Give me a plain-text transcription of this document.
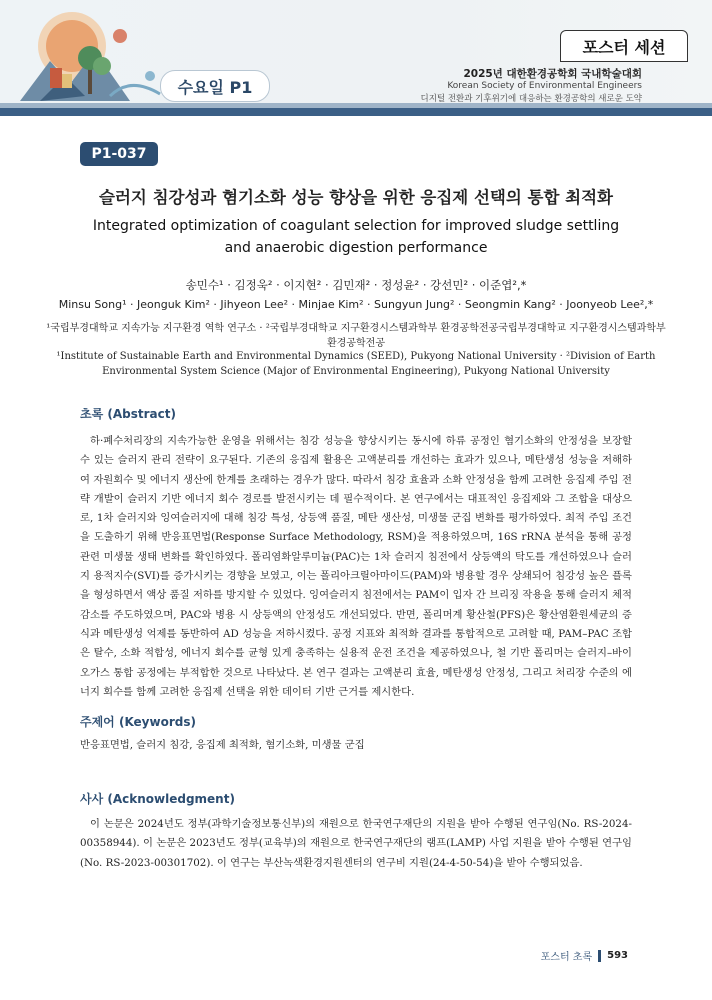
수요일 P1
포스터 세션
2025년 대한환경공학회 국내학술대회
Korean Society of Environmental Engineers
디지털 전환과 기후위기에 대응하는 환경공학의 새로운 도약
P1-037
슬러지 침강성과 혐기소화 성능 향상을 위한 응집제 선택의 통합 최적화
Integrated optimization of coagulant selection for improved sludge settling and anaerobic digestion performance
송민수¹ · 김정욱² · 이지현² · 김민재² · 정성윤² · 강선민² · 이준엽²,*
Minsu Song¹ · Jeonguk Kim² · Jihyeon Lee² · Minjae Kim² · Sungyun Jung² · Seongmin Kang² · Joonyeob Lee²,*
¹국립부경대학교 지속가능 지구환경 역학 연구소 · ²국립부경대학교 지구환경시스템과학부 환경공학전공국립부경대학교 지구환경시스템과학부 환경공학전공
¹Institute of Sustainable Earth and Environmental Dynamics (SEED), Pukyong National University · ²Division of Earth Environmental System Science (Major of Environmental Engineering), Pukyong National University
초록 (Abstract)

하·폐수처리장의 지속가능한 운영을 위해서는 침강 성능을 향상시키는 동시에 하류 공정인 혐기소화의 안정성을 보장할 수 있는 슬러지 관리 전략이 요구된다. 기존의 응집제 활용은 고액분리를 개선하는 효과가 있으나, 메탄생성 성능을 저해하여 자원회수 및 에너지 생산에 한계를 초래하는 경우가 많다. 따라서 침강 효율과 소화 안정성을 함께 고려한 응집제 주입 전략 개발이 슬러지 기반 에너지 회수 경로를 발전시키는 데 필수적이다. 본 연구에서는 대표적인 응집제와 그 조합을 대상으로, 1차 슬러지와 잉여슬러지에 대해 침강 특성, 상등액 품질, 메탄 생산성, 미생물 군집 변화를 평가하였다. 최적 주입 조건을 도출하기 위해 반응표면법(Response Surface Methodology, RSM)을 적용하였으며, 16S rRNA 분석을 통해 공정 관련 미생물 생태 변화를 확인하였다. 폴리염화알루미늄(PAC)는 1차 슬러지 침전에서 상등액의 탁도를 개선하였으나 슬러지 용적지수(SVI)를 증가시키는 경향을 보였고, 이는 폴리아크릴아마이드(PAM)와 병용할 경우 상쇄되어 침강성 높은 플록을 형성하면서 액상 품질 저하를 방지할 수 있었다. 잉여슬러지 침전에서는 PAM이 입자 간 브리징 작용을 통해 슬러지 체적 감소를 주도하였으며, PAC와 병용 시 상등액의 안정성도 개선되었다. 반면, 폴리머계 황산철(PFS)은 황산염환원세균의 증식과 메탄생성 억제를 동반하여 AD 성능을 저하시켰다. 공정 지표와 최적화 결과를 통합적으로 고려할 때, PAM–PAC 조합은 탈수, 소화 적합성, 에너지 회수를 균형 있게 충족하는 실용적 운전 조건을 제공하였으나, 철 기반 폴리머는 슬러지–바이오가스 통합 공정에는 부적합한 것으로 나타났다. 본 연구 결과는 고액분리 효율, 메탄생성 안정성, 그리고 처리장 수준의 에너지 회수를 함께 고려한 응집제 선택을 위한 데이터 기반 근거를 제시한다.

주제어 (Keywords)

반응표면법, 슬러지 침강, 응집제 최적화, 혐기소화, 미생물 군집

사사 (Acknowledgment)

이 논문은 2024년도 정부(과학기술정보통신부)의 재원으로 한국연구재단의 지원을 받아 수행된 연구임(No. RS-2024-00358944). 이 논문은 2023년도 정부(교육부)의 재원으로 한국연구재단의 램프(LAMP) 사업 지원을 받아 수행된 연구임(No. RS-2023-00301702). 이 연구는 부산녹색환경지원센터의 연구비 지원(24-4-50-54)을 받아 수행되었음.

포스터 초록 593
